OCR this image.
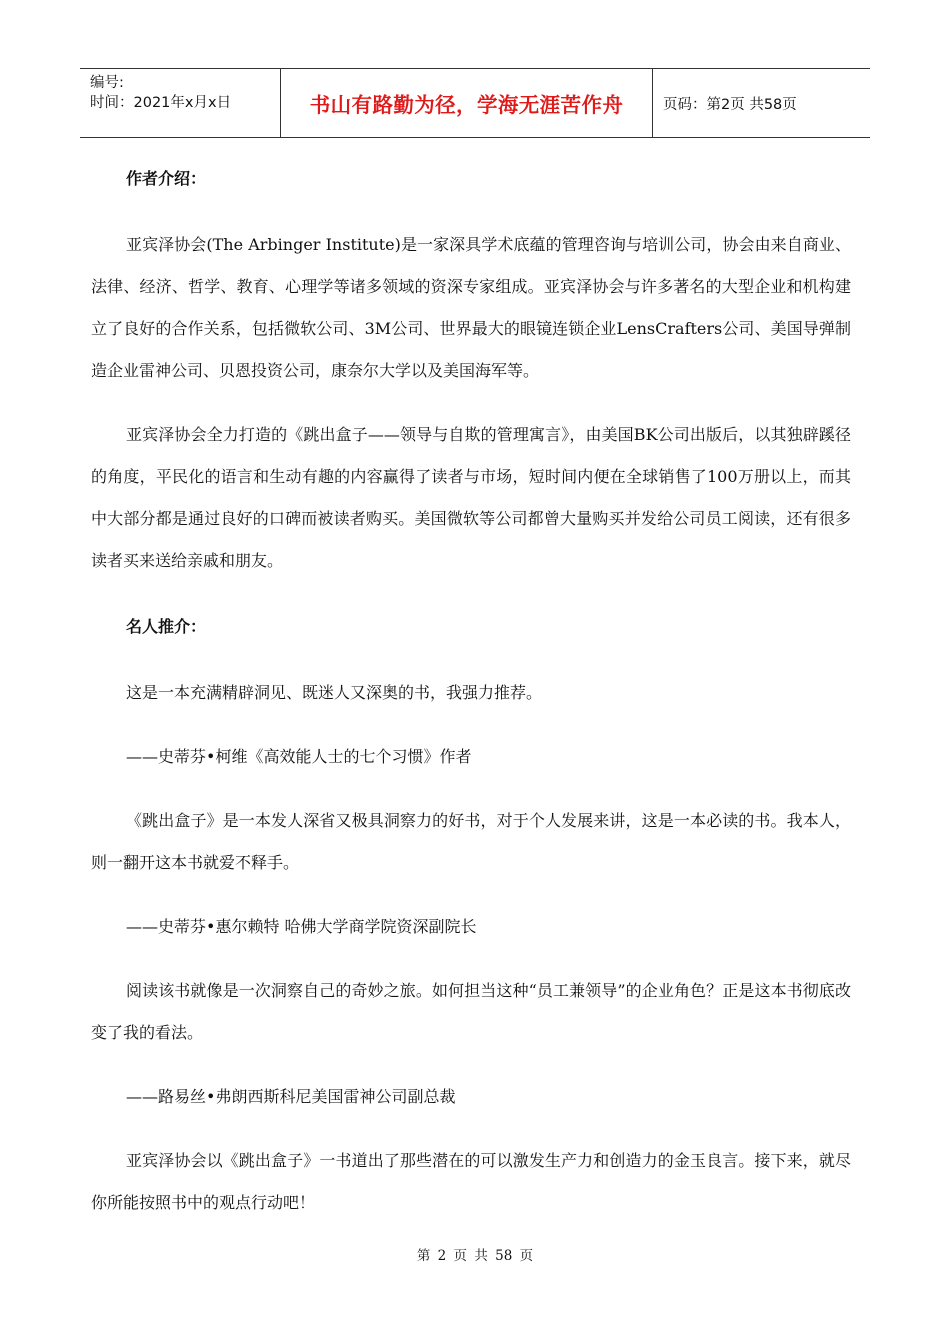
编号:
时间：2021年x月x日	书山有路勤为径，学海无涯苦作舟	页码：第2页 共58页
作者介绍：

亚宾泽协会(The Arbinger Institute)是一家深具学术底蕴的管理咨询与培训公司，协会由来自商业、法律、经济、哲学、教育、心理学等诸多领域的资深专家组成。亚宾泽协会与许多著名的大型企业和机构建立了良好的合作关系，包括微软公司、3M公司、世界最大的眼镜连锁企业LensCrafters公司、美国导弹制造企业雷神公司、贝恩投资公司，康奈尔大学以及美国海军等。

亚宾泽协会全力打造的《跳出盒子——领导与自欺的管理寓言》，由美国BK公司出版后，以其独辟蹊径的角度，平民化的语言和生动有趣的内容赢得了读者与市场，短时间内便在全球销售了100万册以上，而其中大部分都是通过良好的口碑而被读者购买。美国微软等公司都曾大量购买并发给公司员工阅读，还有很多读者买来送给亲戚和朋友。

名人推介：

这是一本充满精辟洞见、既迷人又深奥的书，我强力推荐。

——史蒂芬•柯维《高效能人士的七个习惯》作者

《跳出盒子》是一本发人深省又极具洞察力的好书，对于个人发展来讲，这是一本必读的书。我本人，则一翻开这本书就爱不释手。

——史蒂芬•惠尔赖特 哈佛大学商学院资深副院长

阅读该书就像是一次洞察自己的奇妙之旅。如何担当这种“员工兼领导”的企业角色？正是这本书彻底改变了我的看法。

——路易丝•弗朗西斯科尼美国雷神公司副总裁

亚宾泽协会以《跳出盒子》一书道出了那些潜在的可以激发生产力和创造力的金玉良言。接下来，就尽你所能按照书中的观点行动吧！

第 2 页 共 58 页
